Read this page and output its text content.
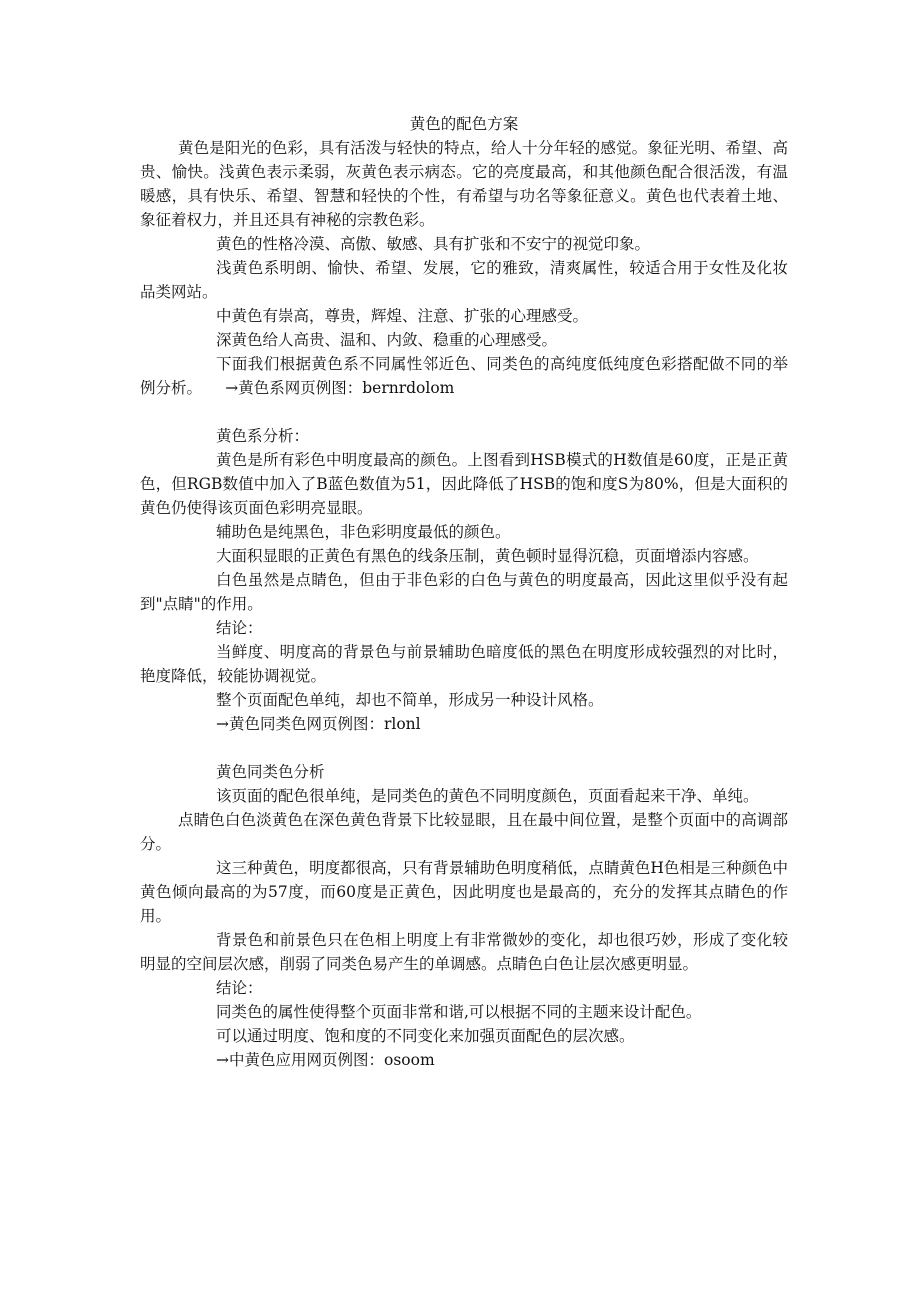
黄色的配色方案

黄色是阳光的色彩，具有活泼与轻快的特点，给人十分年轻的感觉。象征光明、希望、高贵、愉快。浅黄色表示柔弱，灰黄色表示病态。它的亮度最高，和其他颜色配合很活泼，有温暖感，具有快乐、希望、智慧和轻快的个性，有希望与功名等象征意义。黄色也代表着土地、象征着权力，并且还具有神秘的宗教色彩。

黄色的性格冷漠、高傲、敏感、具有扩张和不安宁的视觉印象。

浅黄色系明朗、愉快、希望、发展，它的雅致，清爽属性，较适合用于女性及化妆品类网站。

中黄色有崇高，尊贵，辉煌、注意、扩张的心理感受。

深黄色给人高贵、温和、内敛、稳重的心理感受。

下面我们根据黄色系不同属性邻近色、同类色的高纯度低纯度色彩搭配做不同的举例分析。　　→黄色系网页例图：bernrdolom

黄色系分析：

黄色是所有彩色中明度最高的颜色。上图看到HSB模式的H数值是60度，正是正黄色，但RGB数值中加入了B蓝色数值为51，因此降低了HSB的饱和度S为80%，但是大面积的　　黄色仍使得该页面色彩明亮显眼。

辅助色是纯黑色，非色彩明度最低的颜色。

大面积显眼的正黄色有黑色的线条压制，黄色顿时显得沉稳，页面增添内容感。

白色虽然是点睛色，但由于非色彩的白色与黄色的明度最高，因此这里似乎没有起到"点睛"的作用。

结论：

当鲜度、明度高的背景色与前景辅助色暗度低的黑色在明度形成较强烈的对比时，艳度降低，较能协调视觉。

整个页面配色单纯，却也不简单，形成另一种设计风格。

→黄色同类色网页例图：rlonl

黄色同类色分析

该页面的配色很单纯，是同类色的黄色不同明度颜色，页面看起来干净、单纯。

点睛色白色淡黄色在深色黄色背景下比较显眼，且在最中间位置，是整个页面中的高调部分。

这三种黄色，明度都很高，只有背景辅助色明度稍低，点睛黄色H色相是三种颜色中黄色倾向最高的为57度，而60度是正黄色，因此明度也是最高的，充分的发挥其点睛色的作用。

背景色和前景色只在色相上明度上有非常微妙的变化，却也很巧妙，形成了变化较明显的空间层次感，削弱了同类色易产生的单调感。点睛色白色让层次感更明显。

结论：

同类色的属性使得整个页面非常和谐,可以根据不同的主题来设计配色。

可以通过明度、饱和度的不同变化来加强页面配色的层次感。

→中黄色应用网页例图：osoom
